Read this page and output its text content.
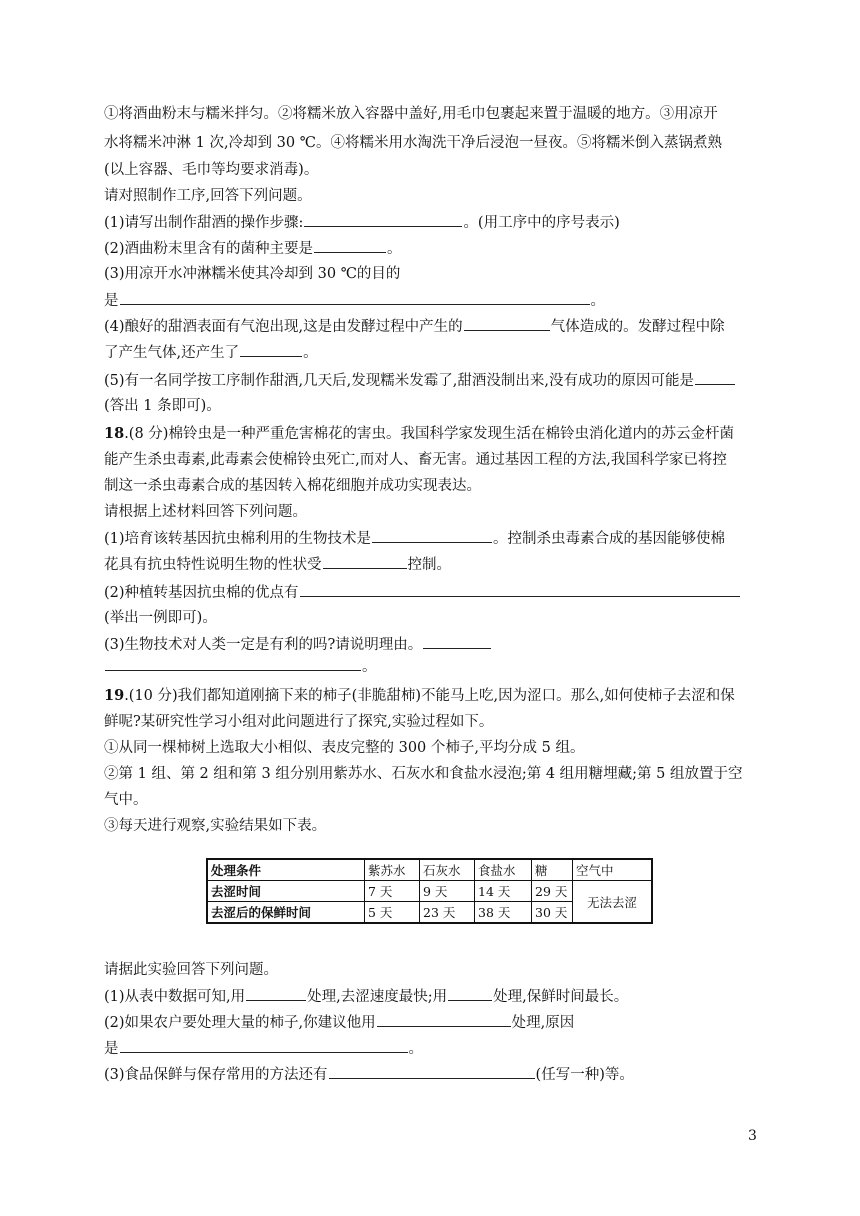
①将酒曲粉末与糯米拌匀。②将糯米放入容器中盖好,用毛巾包裹起来置于温暖的地方。③用凉开
水将糯米冲淋 1 次,冷却到 30 ℃。④将糯米用水淘洗干净后浸泡一昼夜。⑤将糯米倒入蒸锅煮熟
(以上容器、毛巾等均要求消毒)。
请对照制作工序,回答下列问题。
(1)请写出制作甜酒的操作步骤:	。(用工序中的序号表示)
(2)酒曲粉末里含有的菌种主要是	。
(3)用凉开水冲淋糯米使其冷却到 30 ℃的目的
是	。
(4)酿好的甜酒表面有气泡出现,这是由发酵过程中产生的	气体造成的。发酵过程中除
了产生气体,还产生了	。
(5)有一名同学按工序制作甜酒,几天后,发现糯米发霉了,甜酒没制出来,没有成功的原因可能是
(答出 1 条即可)。
18.(8 分)棉铃虫是一种严重危害棉花的害虫。我国科学家发现生活在棉铃虫消化道内的苏云金杆菌
能产生杀虫毒素,此毒素会使棉铃虫死亡,而对人、畜无害。通过基因工程的方法,我国科学家已将控
制这一杀虫毒素合成的基因转入棉花细胞并成功实现表达。
请根据上述材料回答下列问题。
(1)培育该转基因抗虫棉利用的生物技术是	。控制杀虫毒素合成的基因能够使棉
花具有抗虫特性说明生物的性状受	控制。
(2)种植转基因抗虫棉的优点有
(举出一例即可)。
(3)生物技术对人类一定是有利的吗?请说明理由。
。
19.(10 分)我们都知道刚摘下来的柿子(非脆甜柿)不能马上吃,因为涩口。那么,如何使柿子去涩和保
鲜呢?某研究性学习小组对此问题进行了探究,实验过程如下。
①从同一棵柿树上选取大小相似、表皮完整的 300 个柿子,平均分成 5 组。
②第 1 组、第 2 组和第 3 组分别用紫苏水、石灰水和食盐水浸泡;第 4 组用糖埋藏;第 5 组放置于空
气中。
③每天进行观察,实验结果如下表。
处理条件	紫苏水	石灰水	食盐水	糖	空气中
去涩时间	7 天	9 天	14 天	29 天	无法去涩
去涩后的保鲜时间	5 天	23 天	38 天	30 天	
请据此实验回答下列问题。
(1)从表中数据可知,用	处理,去涩速度最快;用	处理,保鲜时间最长。
(2)如果农户要处理大量的柿子,你建议他用	处理,原因
是	。
(3)食品保鲜与保存常用的方法还有	(任写一种)等。
3
